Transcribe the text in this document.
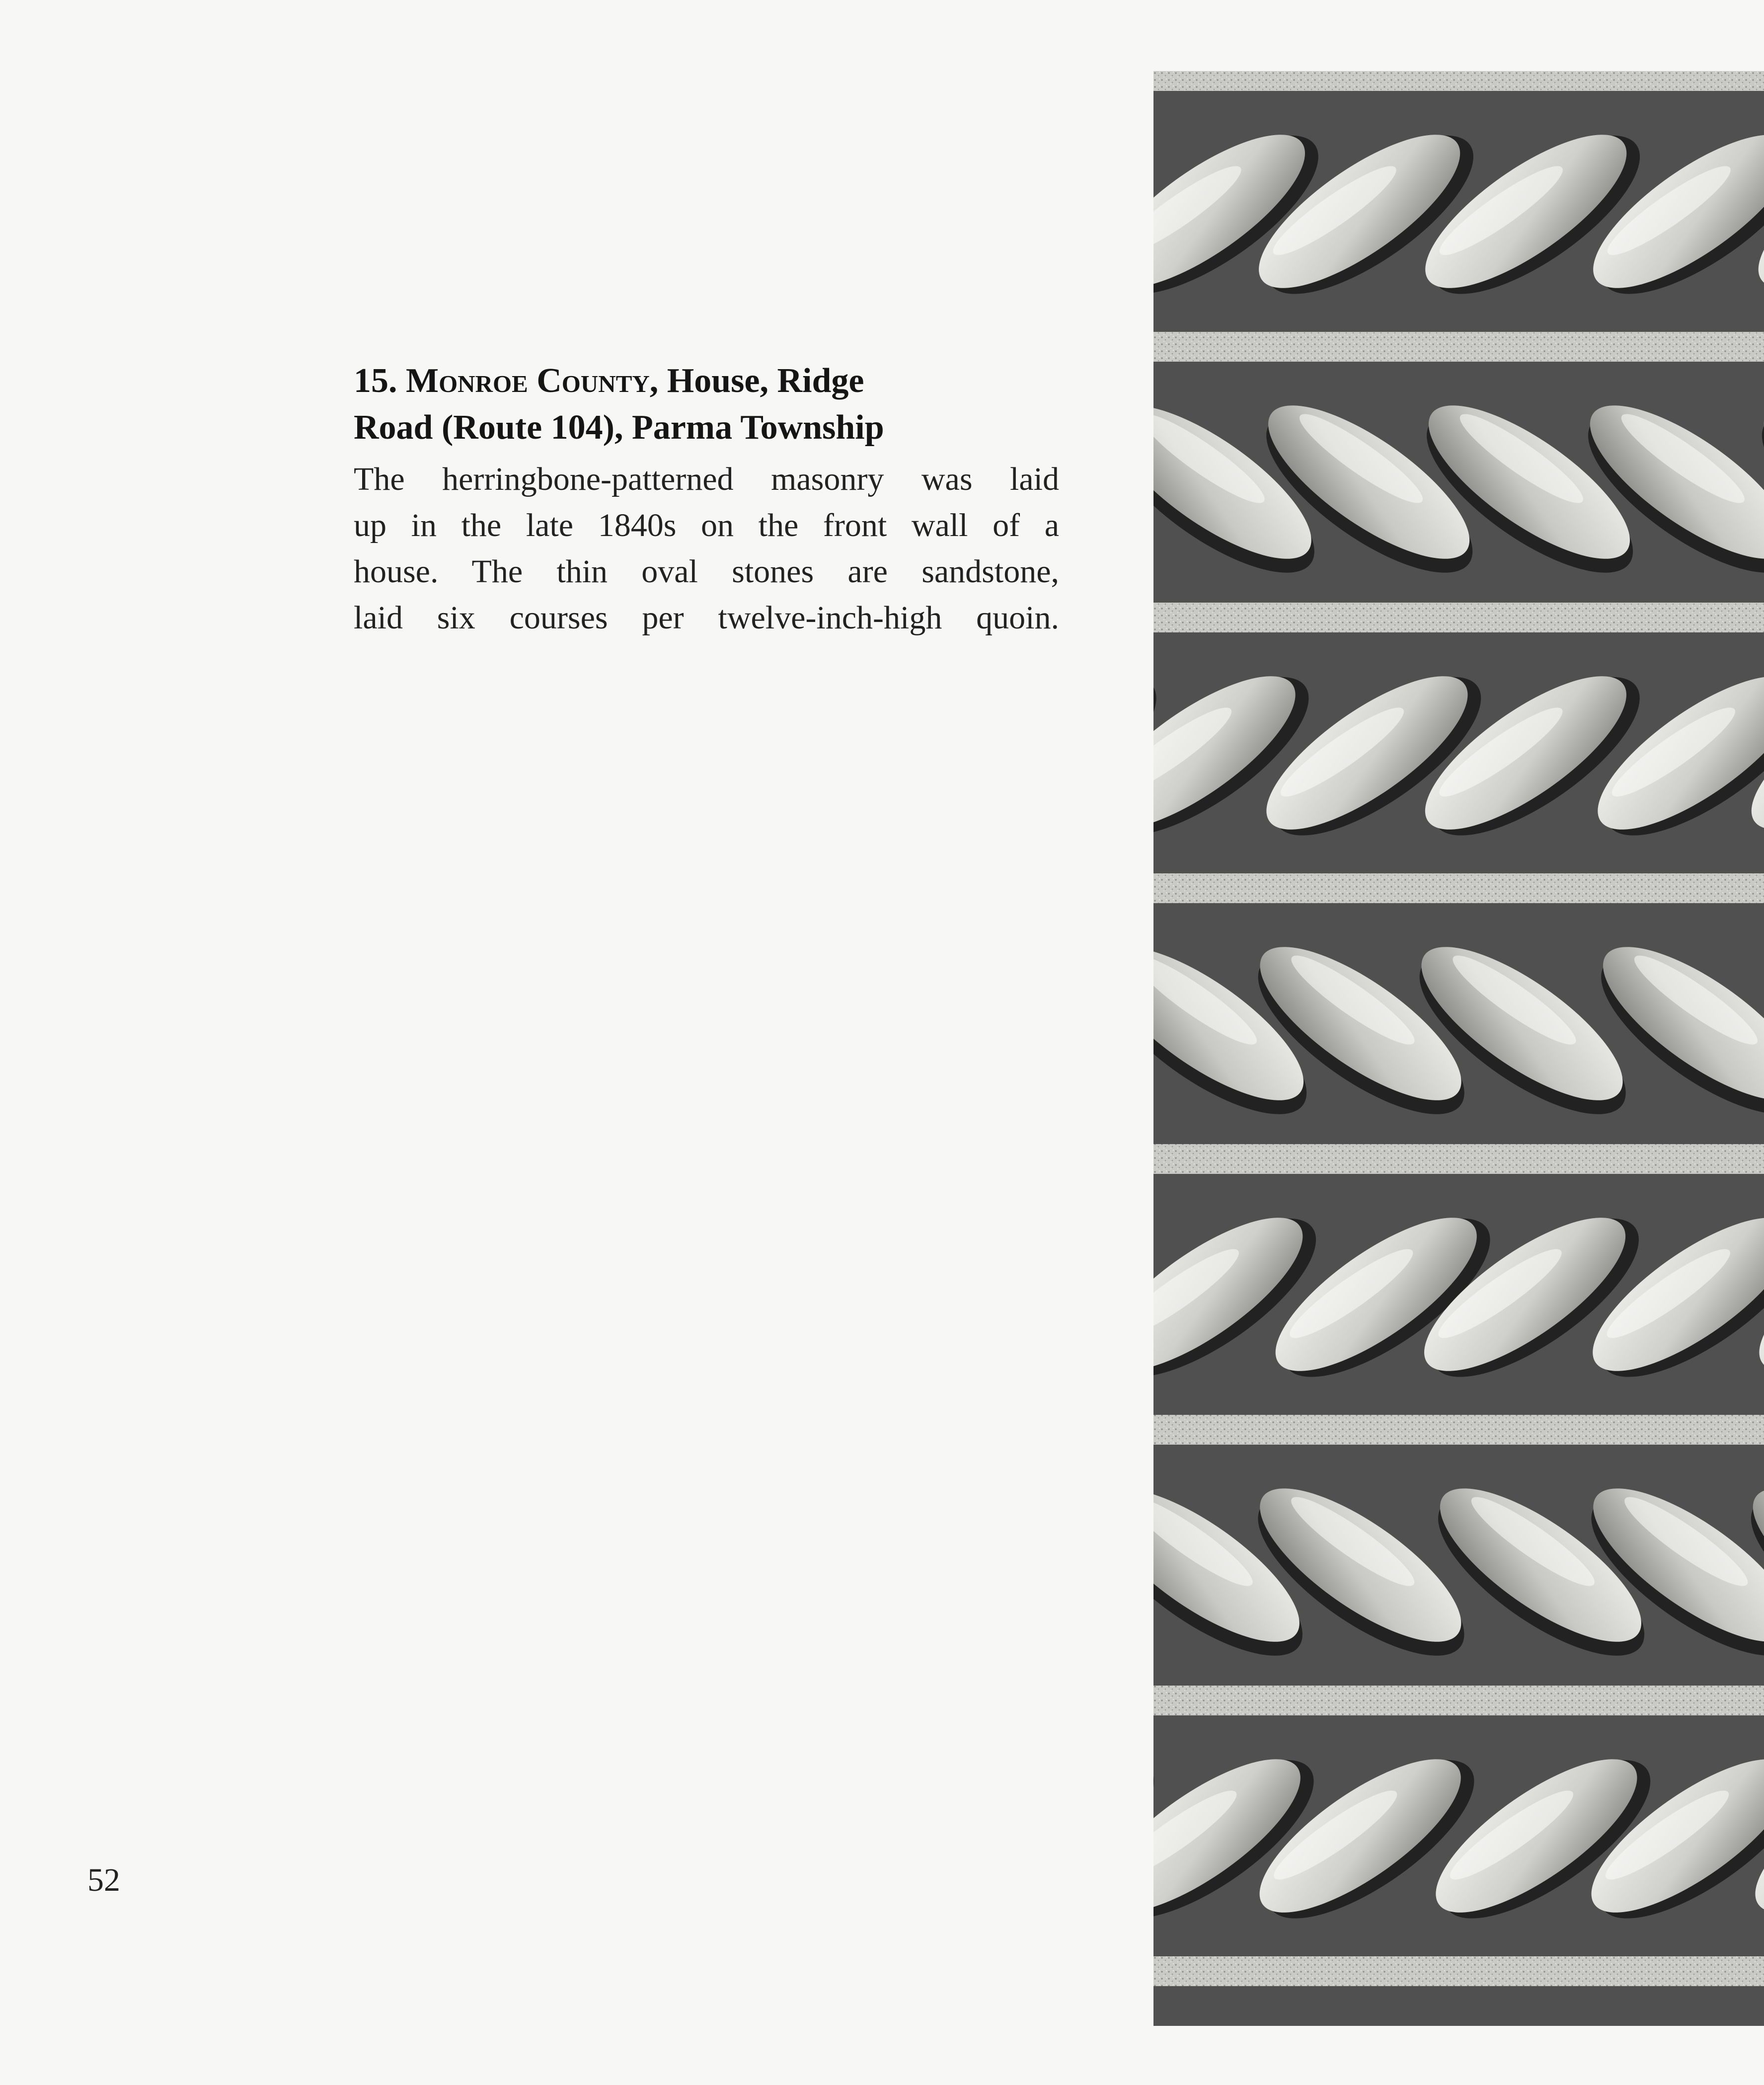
15. Monroe County, House, Ridge
Road (Route 104), Parma Township

The herringbone-patterned masonry was laid
up in the late 1840s on the front wall of a
house. The thin oval stones are sandstone,
laid six courses per twelve-inch-high quoin.

52
